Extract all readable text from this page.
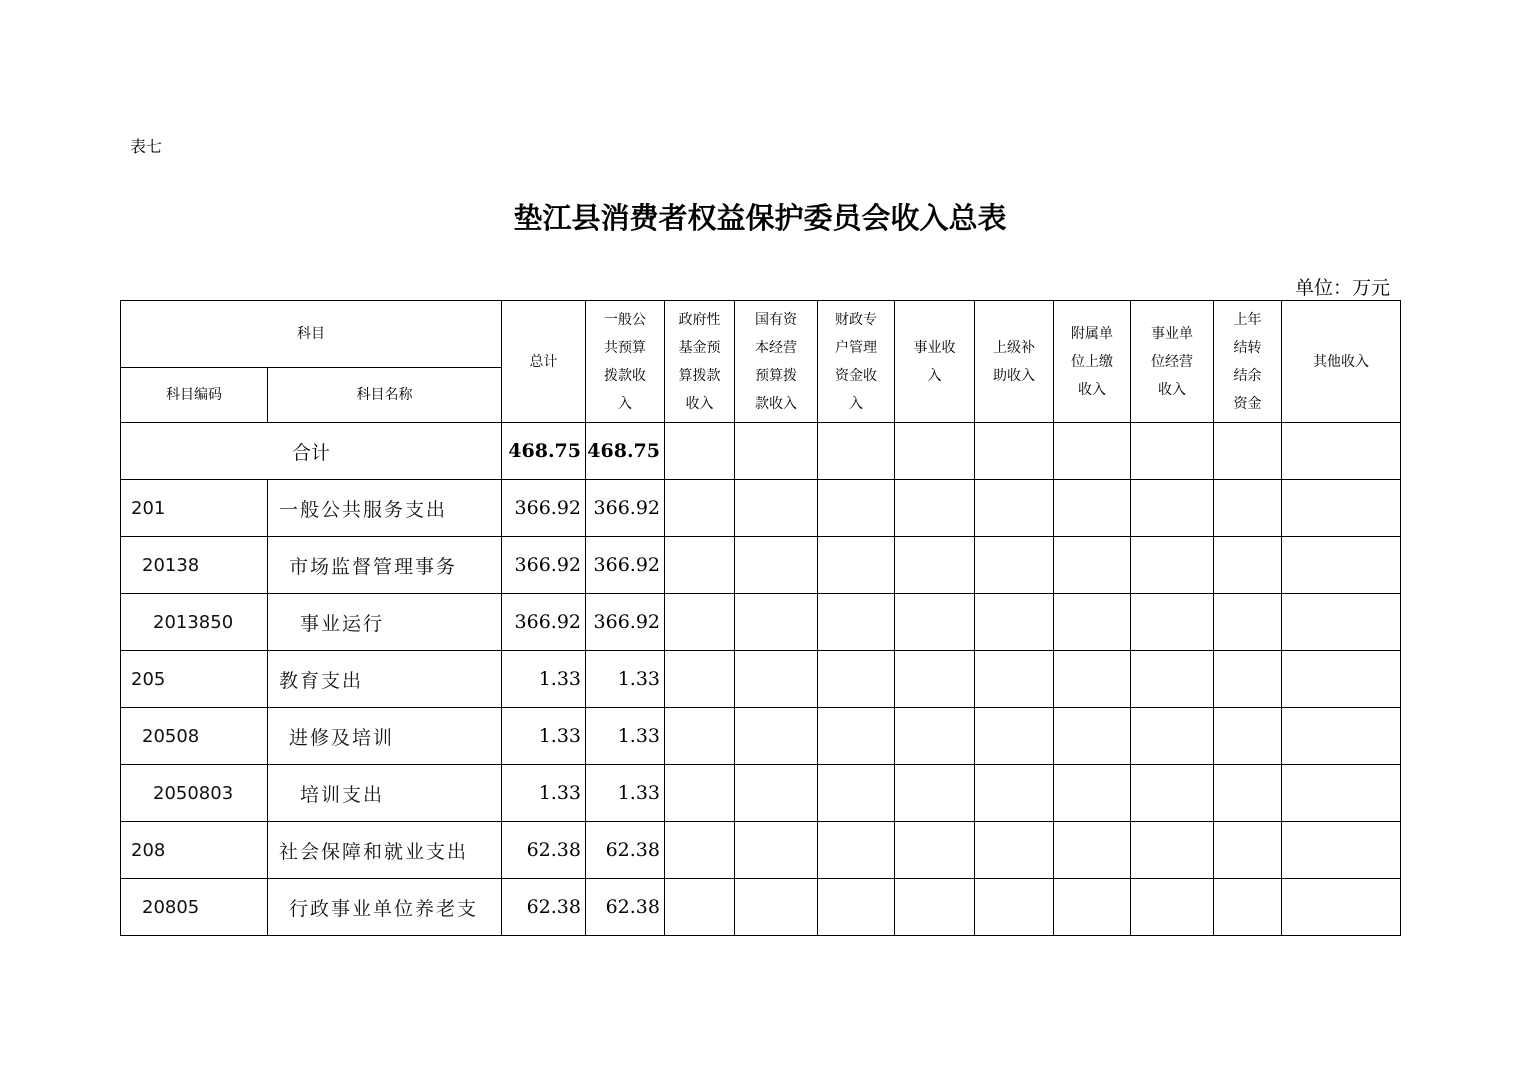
表七
垫江县消费者权益保护委员会收入总表
单位：万元
科目		总计	一般公共预算拨款收入	政府性基金预算拨款收入	国有资本经营预算拨款收入	财政专户管理资金收入	事业收入	上级补助收入	附属单位上缴收入	事业单位经营收入	上年结转结余资金	其他收入
科目编码	科目名称											
合计		468.75	468.75									
201	一般公共服务支出	366.92	366.92									
20138	市场监督管理事务	366.92	366.92									
2013850	事业运行	366.92	366.92									
205	教育支出	1.33	1.33									
20508	进修及培训	1.33	1.33									
2050803	培训支出	1.33	1.33									
208	社会保障和就业支出	62.38	62.38									
20805	行政事业单位养老支	62.38	62.38									
